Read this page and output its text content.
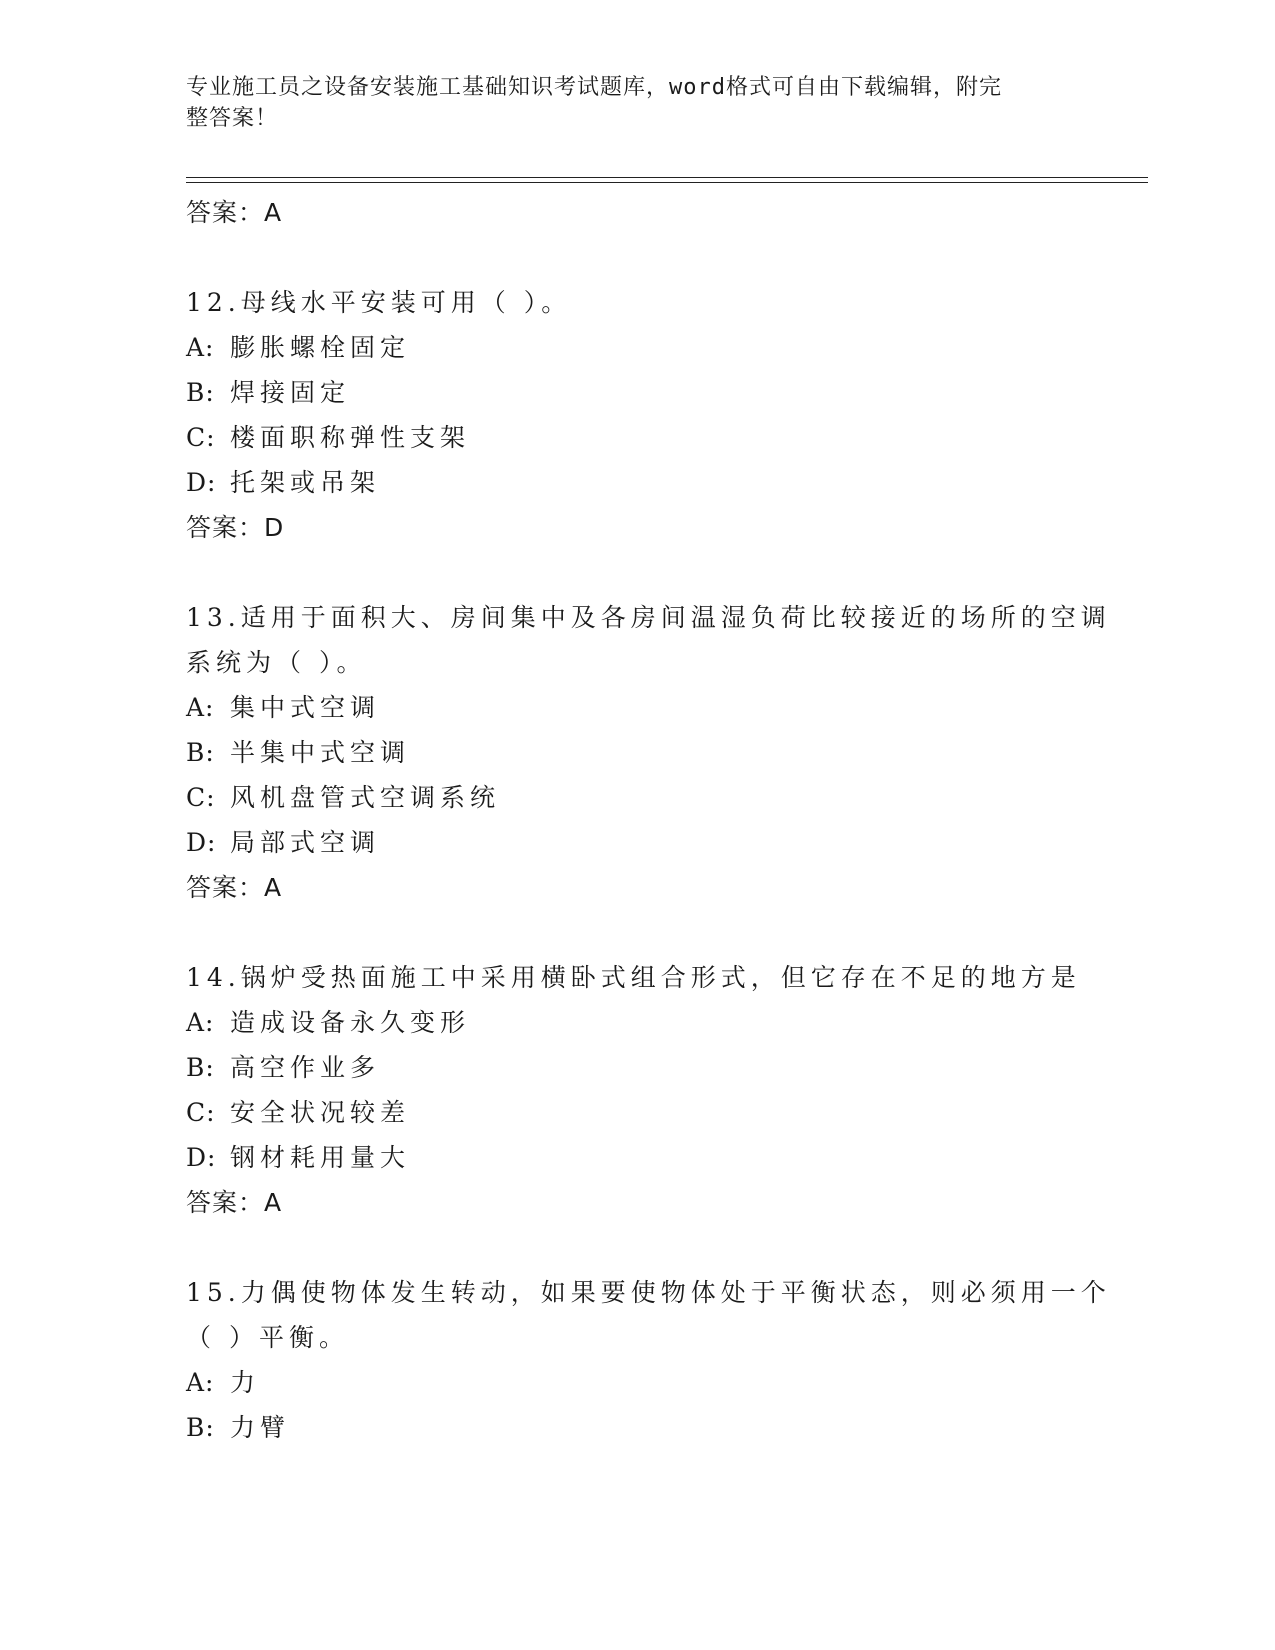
专业施工员之设备安装施工基础知识考试题库，word格式可自由下载编辑，附完
整答案！
答案：A
12.母线水平安装可用（ ）。
A: 膨胀螺栓固定
B: 焊接固定
C: 楼面职称弹性支架
D: 托架或吊架
答案：D
13.适用于面积大、房间集中及各房间温湿负荷比较接近的场所的空调
系统为（ ）。
A: 集中式空调
B: 半集中式空调
C: 风机盘管式空调系统
D: 局部式空调
答案：A
14.锅炉受热面施工中采用横卧式组合形式，但它存在不足的地方是
A: 造成设备永久变形
B: 高空作业多
C: 安全状况较差
D: 钢材耗用量大
答案：A
15.力偶使物体发生转动，如果要使物体处于平衡状态，则必须用一个
（ ）平衡。
A: 力
B: 力臂
